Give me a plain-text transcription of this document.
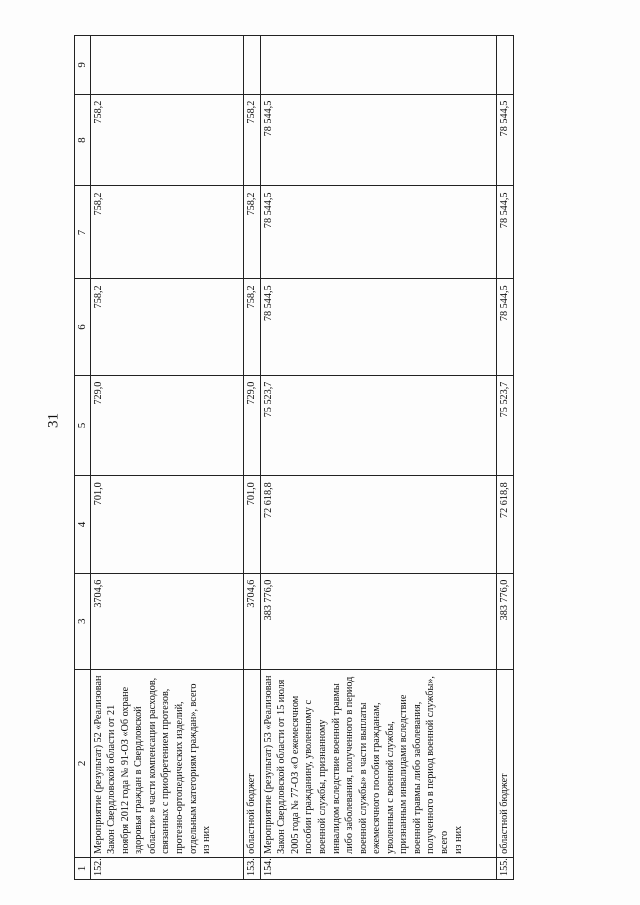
31
1	2	3	4	5	6	7	8	9
152.	Мероприятие (результат) 52 «Реализован Закон Свердловской области от 21 ноября 2012 года № 91-ОЗ «Об охране здоровья граждан в Свердловской области» в части компенсации расходов, связанных с приобретением протезов, протезно-ортопедических изделий, отдельным категориям граждан», всего из них	3704,6	701,0	729,0	758,2	758,2	758,2	
153.	областной бюджет	3704,6	701,0	729,0	758,2	758,2	758,2	
154.	Мероприятие (результат) 53 «Реализован Закон Свердловской области от 15 июля 2005 года № 77-ОЗ «О ежемесячном пособии гражданину, уволенному с военной службы, признанному инвалидом вследствие военной травмы либо заболевания, полученного в период военной службы» в части выплаты ежемесячного пособия гражданам, уволенным с военной службы, признанным инвалидами вследствие военной травмы либо заболевания, полученного в период военной службы», всего из них	383 776,0	72 618,8	75 523,7	78 544,5	78 544,5	78 544,5	
155.	областной бюджет	383 776,0	72 618,8	75 523,7	78 544,5	78 544,5	78 544,5	
